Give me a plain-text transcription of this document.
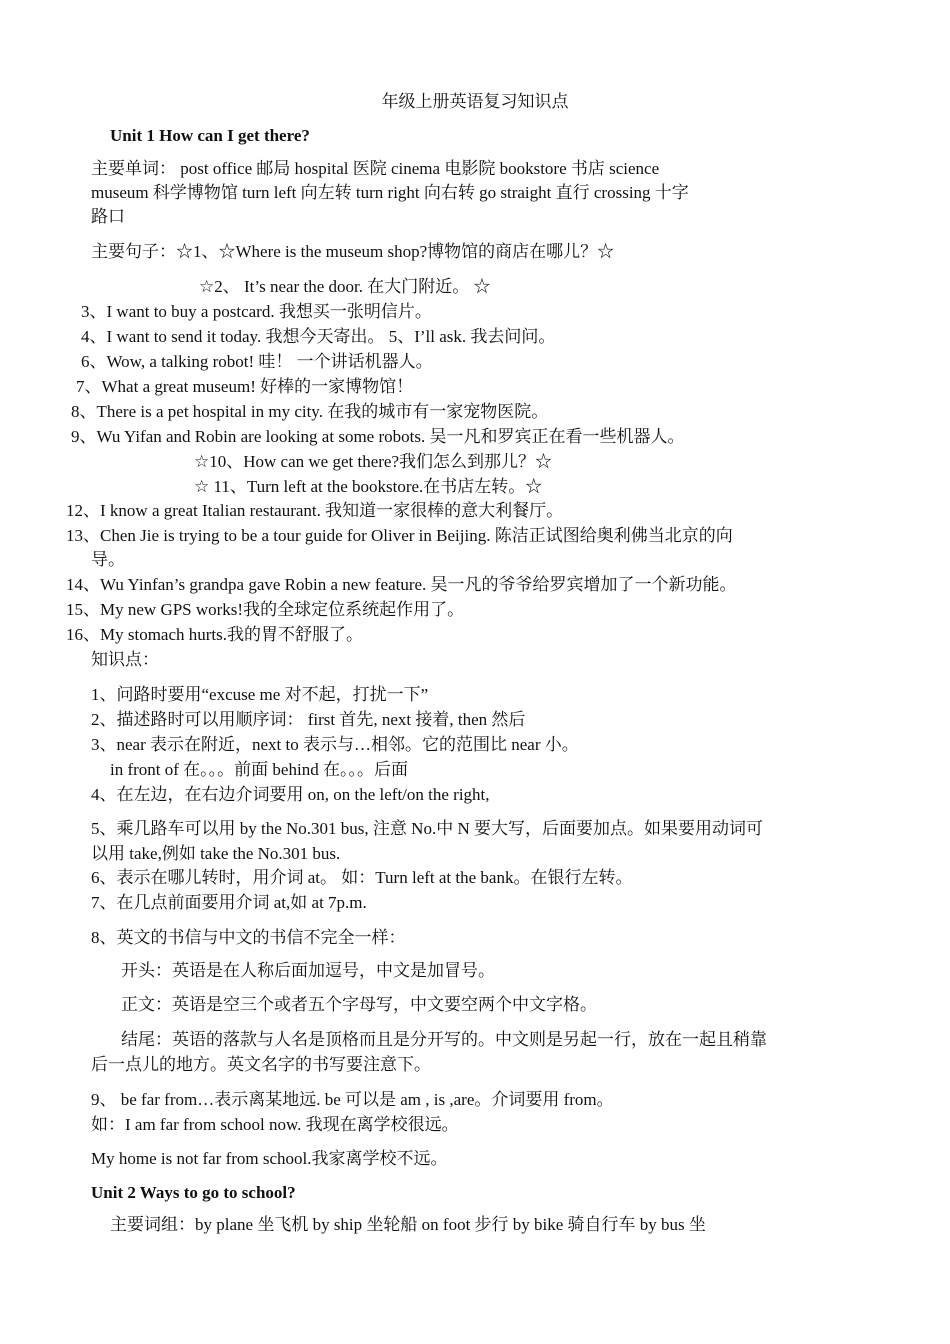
年级上册英语复习知识点
Unit 1 How can I get there?
主要单词： post office 邮局 hospital 医院 cinema 电影院 bookstore 书店 science
museum 科学博物馆 turn left 向左转 turn right 向右转 go straight 直行 crossing 十字
路口
主要句子：☆1、☆Where is the museum shop?博物馆的商店在哪儿？☆
☆2、 It’s near the door. 在大门附近。 ☆
3、I want to buy a postcard. 我想买一张明信片。
4、I want to send it today. 我想今天寄出。 5、I’ll ask. 我去问问。
6、Wow, a talking robot! 哇！ 一个讲话机器人。
7、What a great museum! 好棒的一家博物馆！
8、There is a pet hospital in my city. 在我的城市有一家宠物医院。
9、Wu Yifan and Robin are looking at some robots. 吴一凡和罗宾正在看一些机器人。
☆10、How can we get there?我们怎么到那儿？☆
☆ 11、Turn left at the bookstore.在书店左转。☆
12、I know a great Italian restaurant. 我知道一家很棒的意大利餐厅。
13、Chen Jie is trying to be a tour guide for Oliver in Beijing. 陈洁正试图给奥利佛当北京的向
导。
14、Wu Yinfan’s grandpa gave Robin a new feature. 吴一凡的爷爷给罗宾增加了一个新功能。
15、My new GPS works!我的全球定位系统起作用了。
16、My stomach hurts.我的胃不舒服了。
知识点：
1、问路时要用“excuse me 对不起，打扰一下”
2、描述路时可以用顺序词： first 首先, next 接着, then 然后
3、near 表示在附近，next to 表示与…相邻。它的范围比 near 小。
in front of 在。。。前面 behind 在。。。后面
4、在左边，在右边介词要用 on, on the left/on the right,
5、乘几路车可以用 by the No.301 bus, 注意 No.中 N 要大写，后面要加点。如果要用动词可
以用 take,例如 take the No.301 bus.
6、表示在哪儿转时，用介词 at。 如：Turn left at the bank。在银行左转。
7、在几点前面要用介词 at,如 at 7p.m.
8、英文的书信与中文的书信不完全一样：
开头：英语是在人称后面加逗号，中文是加冒号。
正文：英语是空三个或者五个字母写，中文要空两个中文字格。
结尾：英语的落款与人名是顶格而且是分开写的。中文则是另起一行，放在一起且稍靠
后一点儿的地方。英文名字的书写要注意下。
9、 be far from…表示离某地远. be 可以是 am , is ,are。介词要用 from。
如：I am far from school now. 我现在离学校很远。
My home is not far from school.我家离学校不远。
Unit 2 Ways to go to school?
主要词组：by plane 坐飞机 by ship 坐轮船 on foot 步行 by bike 骑自行车 by bus 坐
